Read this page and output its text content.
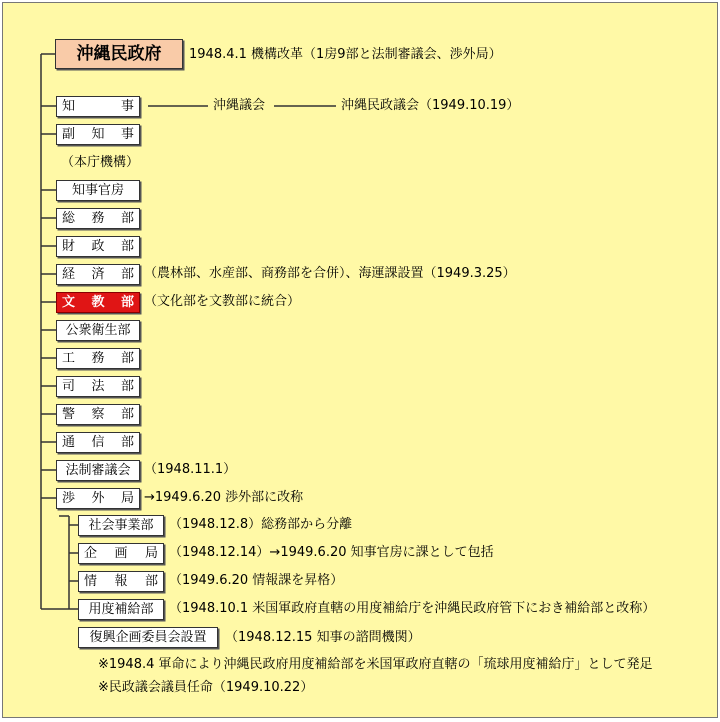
沖縄民政府 1948.4.1 機構改革（1房9部と法制審議会、渉外局）
知	事	沖縄議会	沖縄民政議会（1949.10.19）
副 知 事
（本庁機構）
復興企画委員会設置 （1948.12.15 知事の諮問機関）
※1948.4 軍命により沖縄民政府用度補給部を米国軍政府直轄の「琉球用度補給庁」として発足
※民政議会議員任命（1949.10.22）
知事官房
総 務 部
財 政 部
経 済 部 （農林部、水産部、商務部を合併）、海運課設置（1949.3.25）
文 教 部 （文化部を文教部に統合）
公衆衛生部
工 務 部
司 法 部
警 察 部
通 信 部
法制審議会 （1948.11.1）
渉 外 局 →1949.6.20 渉外部に改称
社会事業部 （1948.12.8）総務部から分離
企 画 局 （1948.12.14）→1949.6.20 知事官房に課として包括
情 報 部 （1949.6.20 情報課を昇格）
用度補給部 （1948.10.1 米国軍政府直轄の用度補給庁を沖縄民政府管下におき補給部と改称）
